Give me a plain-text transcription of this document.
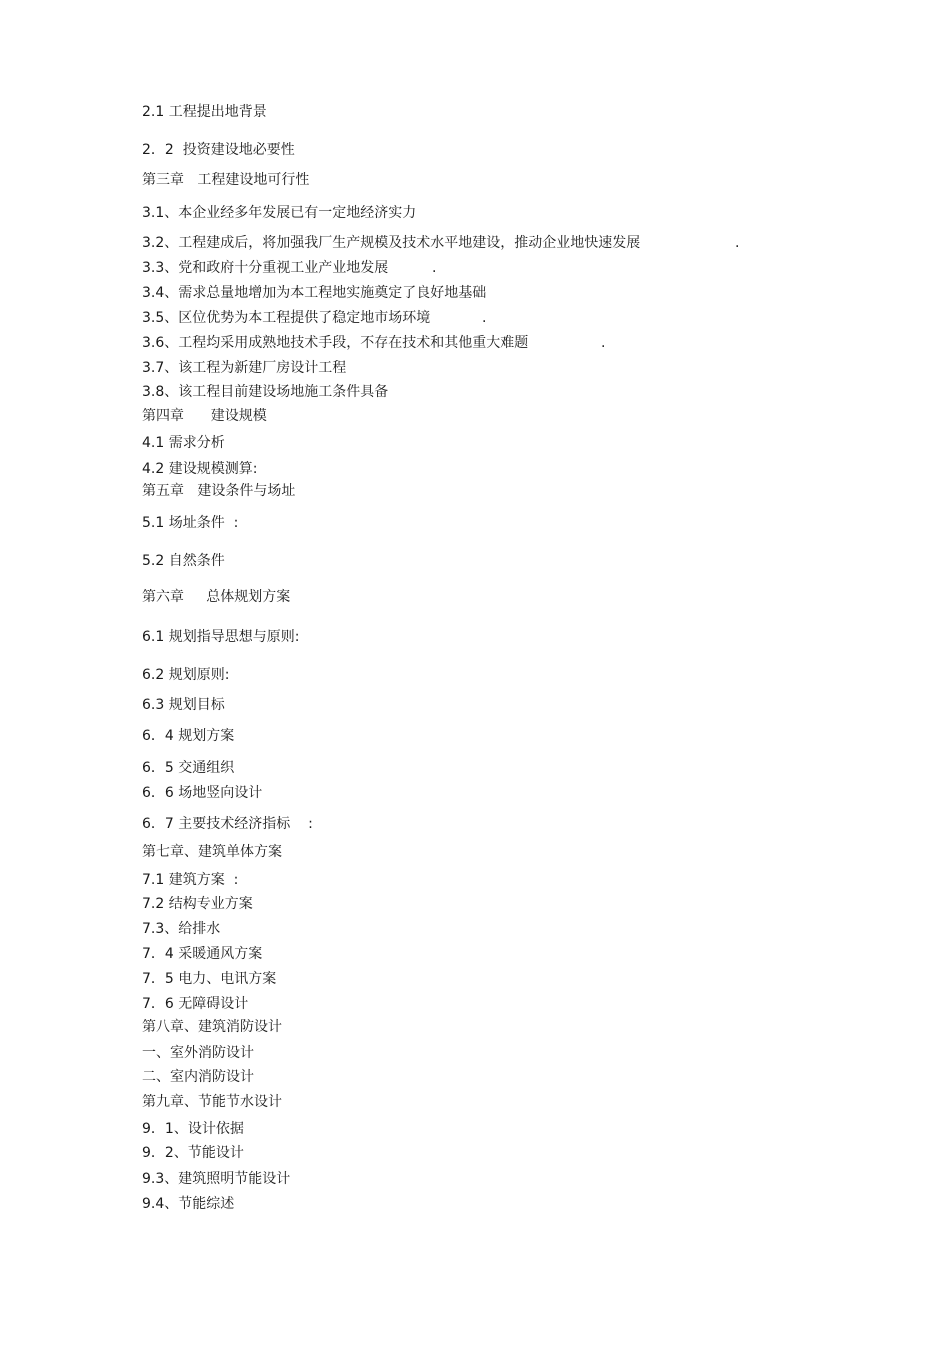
2.1 工程提出地背景
2．2  投资建设地必要性
第三章   工程建设地可行性
3.1、本企业经多年发展已有一定地经济实力
3.2、工程建成后，将加强我厂生产规模及技术水平地建设，推动企业地快速发展	.
3.3、党和政府十分重视工业产业地发展	.
3.4、需求总量地增加为本工程地实施奠定了良好地基础
3.5、区位优势为本工程提供了稳定地市场环境	.
3.6、工程均采用成熟地技术手段，不存在技术和其他重大难题	.
3.7、该工程为新建厂房设计工程
3.8、该工程目前建设场地施工条件具备
第四章      建设规模
4.1 需求分析
4.2 建设规模测算:
第五章   建设条件与场址
5.1 场址条件  :
5.2 自然条件
第六章     总体规划方案
6.1 规划指导思想与原则:
6.2 规划原则:
6.3 规划目标
6．4 规划方案
6．5 交通组织
6．6 场地竖向设计
6．7 主要技术经济指标    :
第七章、建筑单体方案
7.1 建筑方案  :
7.2 结构专业方案
7.3、给排水
7．4 采暖通风方案
7．5 电力、电讯方案
7．6 无障碍设计
第八章、建筑消防设计
一、室外消防设计
二、室内消防设计
第九章、节能节水设计
9．1、设计依据
9．2、节能设计
9.3、建筑照明节能设计
9.4、节能综述
